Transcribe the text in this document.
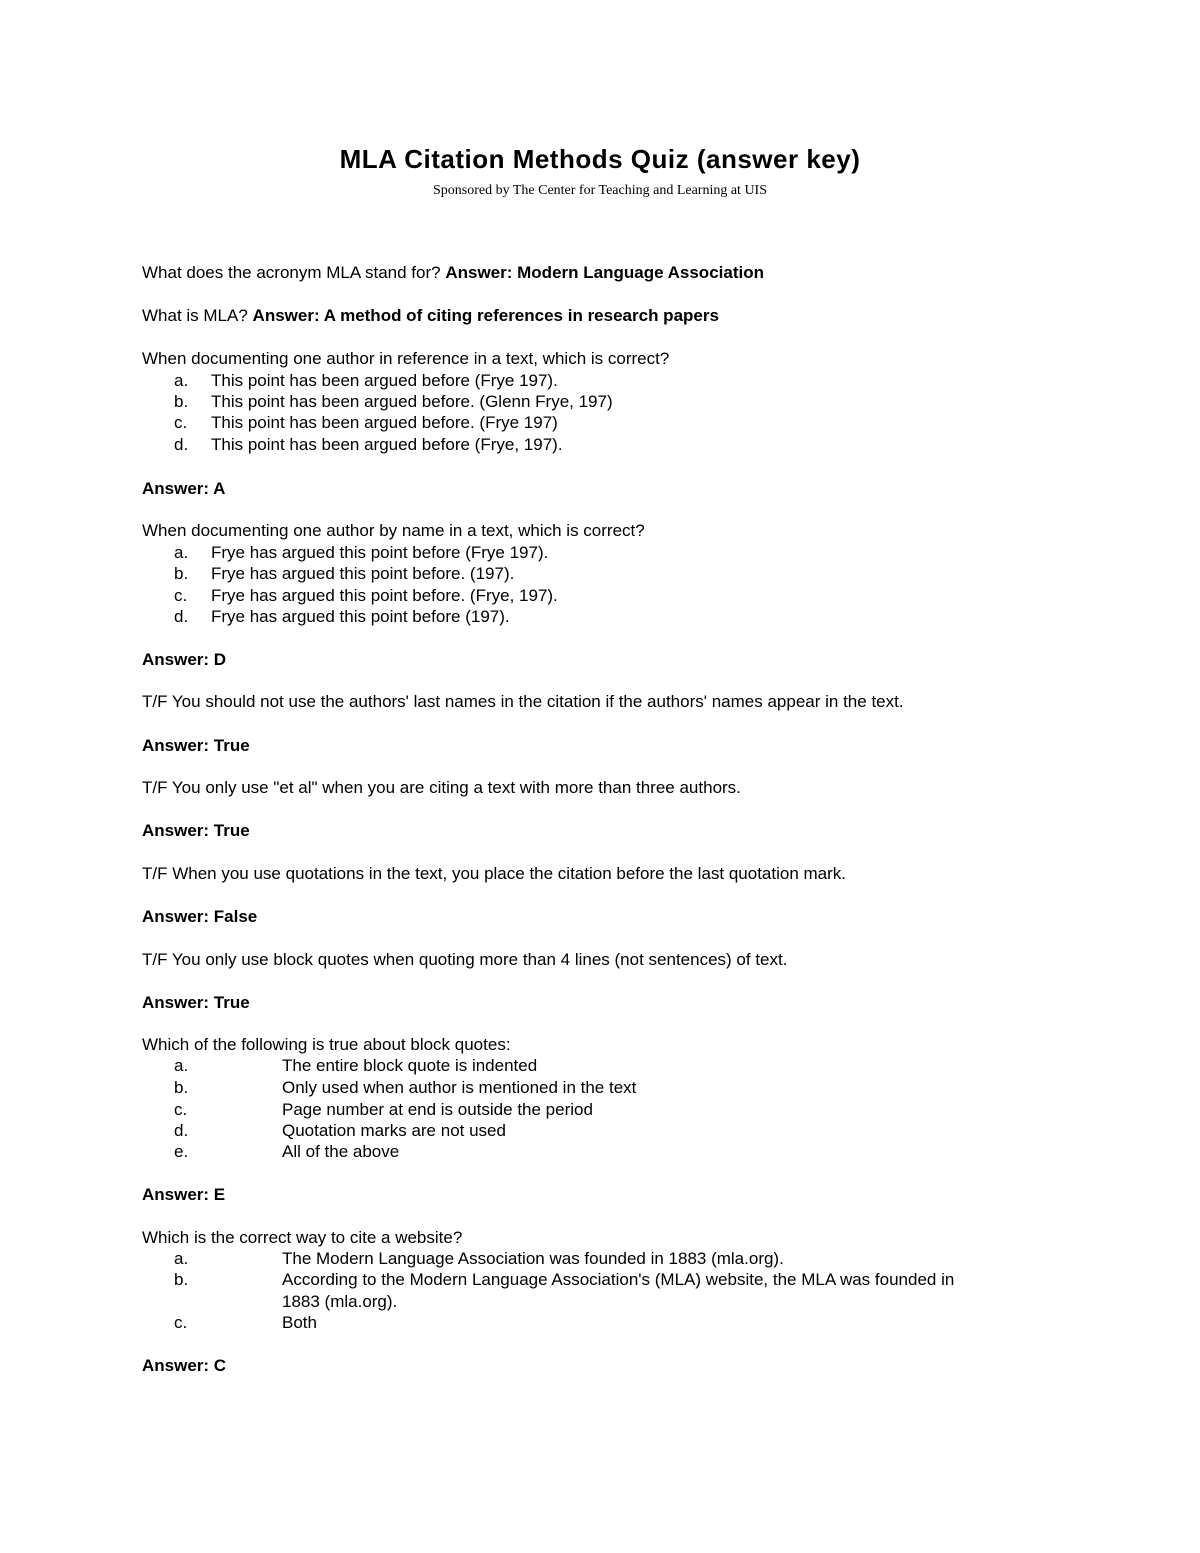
MLA Citation Methods Quiz (answer key)
Sponsored by The Center for Teaching and Learning at UIS
What does the acronym MLA stand for? Answer: Modern Language Association
What is MLA? Answer: A method of citing references in research papers
When documenting one author in reference in a text, which is correct?
a. This point has been argued before (Frye 197).
b. This point has been argued before. (Glenn Frye, 197)
c. This point has been argued before. (Frye 197)
d. This point has been argued before (Frye, 197).
Answer: A
When documenting one author by name in a text, which is correct?
a. Frye has argued this point before (Frye 197).
b. Frye has argued this point before. (197).
c. Frye has argued this point before. (Frye, 197).
d. Frye has argued this point before (197).
Answer: D
T/F You should not use the authors' last names in the citation if the authors' names appear in the text.
Answer: True
T/F You only use "et al" when you are citing a text with more than three authors.
Answer: True
T/F When you use quotations in the text, you place the citation before the last quotation mark.
Answer: False
T/F You only use block quotes when quoting more than 4 lines (not sentences) of text.
Answer: True
Which of the following is true about block quotes:
a.	The entire block quote is indented
b.	Only used when author is mentioned in the text
c.	Page number at end is outside the period
d.	Quotation marks are not used
e.	All of the above
Answer: E
Which is the correct way to cite a website?
a.	The Modern Language Association was founded in 1883 (mla.org).
b.	According to the Modern Language Association's (MLA) website, the MLA was founded in
1883 (mla.org).
c.	Both
Answer: C
